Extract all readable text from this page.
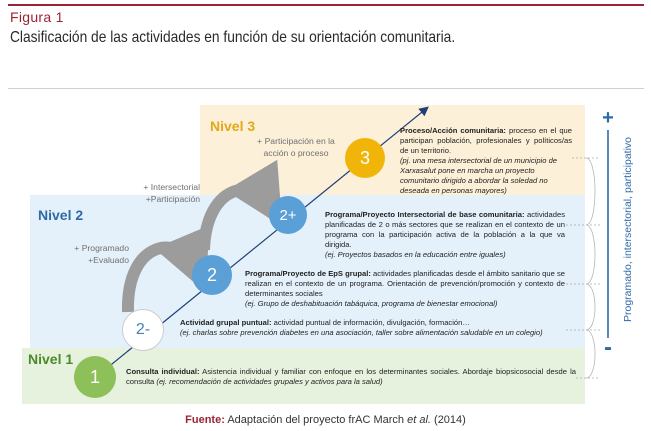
Figura 1
Clasificación de las actividades en función de su orientación comunitaria.
Nivel 3
Nivel 2
Nivel 1
+ Participación en la
acción o proceso
+ Intersectorial
+Participación
+ Programado
+Evaluado
3
2+
2
2-
1
Proceso/Acción comunitaria: proceso en el que participan población, profesionales y políticos/as de un territorio.
(pj. una mesa intersectorial de un municipio de Xarxasalut pone en marcha un proyecto comunitario dirigido a abordar la soledad no deseada en personas mayores)
Programa/Proyecto Intersectorial de base comunitaria: actividades planificadas de 2 o más sectores que se realizan en el contexto de un programa con la participación activa de la población a la que va dirigida.
(ej. Proyectos basados en la educación entre iguales)
Programa/Proyecto de EpS grupal: actividades planificadas desde el ámbito sanitario que se realizan en el contexto de un programa. Orientación de prevención/promoción y contexto de determinantes sociales
(ej. Grupo de deshabituación tabáquica, programa de bienestar emocional)
Actividad grupal puntual: actividad puntual de información, divulgación, formación…
(ej. charlas sobre prevención diabetes en una asociación, taller sobre alimentación saludable en un colegio)
Consulta individual: Asistencia individual y familiar con enfoque en los determinantes sociales. Abordaje biopsicosocial desde la consulta (ej. recomendación de actividades grupales y activos para la salud)
+
-
Programado, intersectorial, participativo
Fuente: Adaptación del proyecto frAC March et al. (2014)
